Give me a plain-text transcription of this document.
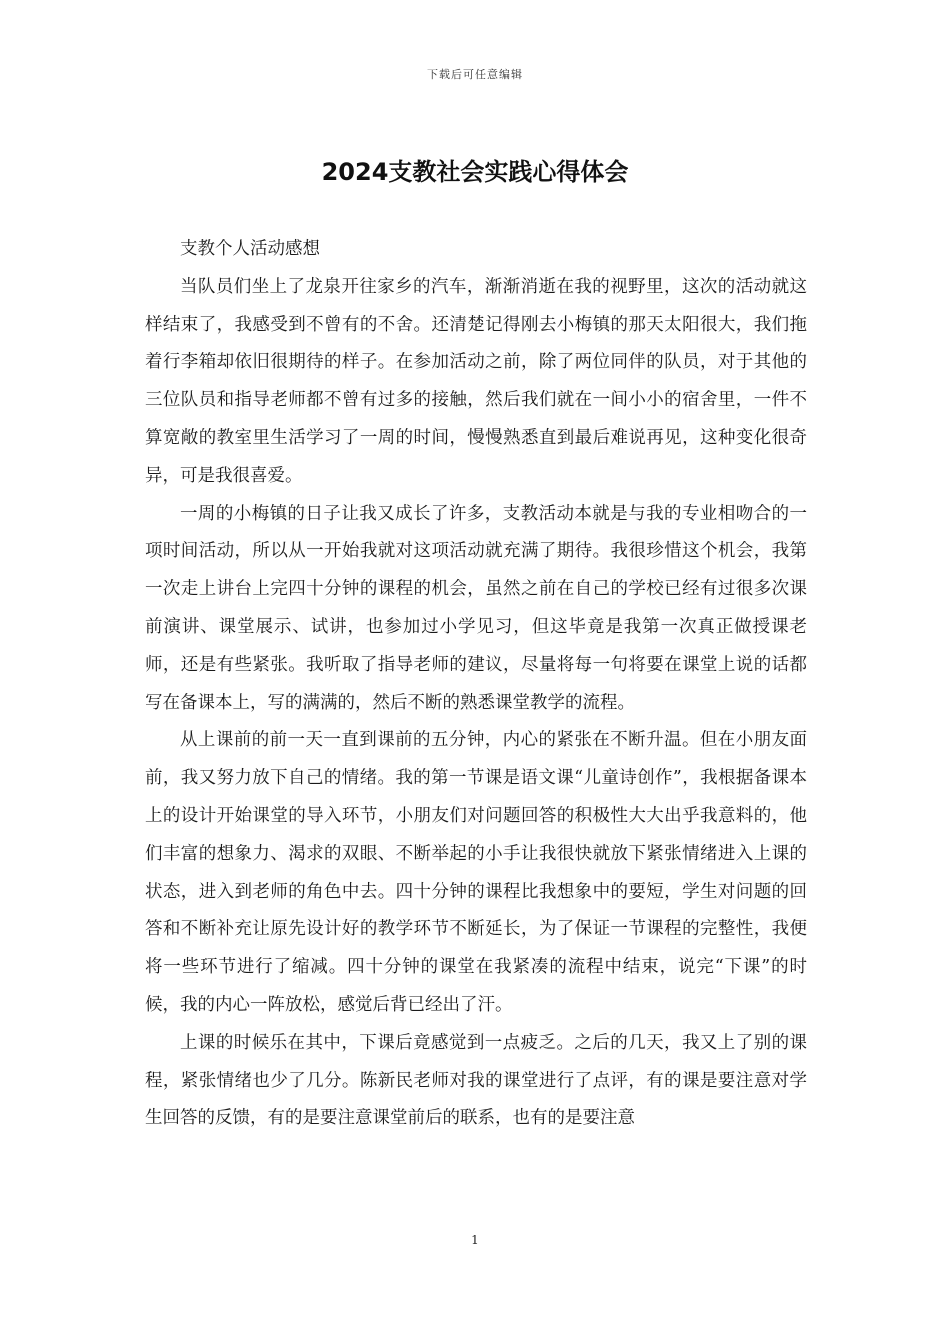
下载后可任意编辑
2024支教社会实践心得体会

支教个人活动感想

当队员们坐上了龙泉开往家乡的汽车，渐渐消逝在我的视野里，这次的活动就这样结束了，我感受到不曾有的不舍。还清楚记得刚去小梅镇的那天太阳很大，我们拖着行李箱却依旧很期待的样子。在参加活动之前，除了两位同伴的队员，对于其他的三位队员和指导老师都不曾有过多的接触，然后我们就在一间小小的宿舍里，一件不算宽敞的教室里生活学习了一周的时间，慢慢熟悉直到最后难说再见，这种变化很奇异，可是我很喜爱。

一周的小梅镇的日子让我又成长了许多，支教活动本就是与我的专业相吻合的一项时间活动，所以从一开始我就对这项活动就充满了期待。我很珍惜这个机会，我第一次走上讲台上完四十分钟的课程的机会，虽然之前在自己的学校已经有过很多次课前演讲、课堂展示、试讲，也参加过小学见习，但这毕竟是我第一次真正做授课老师，还是有些紧张。我听取了指导老师的建议，尽量将每一句将要在课堂上说的话都写在备课本上，写的满满的，然后不断的熟悉课堂教学的流程。

从上课前的前一天一直到课前的五分钟，内心的紧张在不断升温。但在小朋友面前，我又努力放下自己的情绪。我的第一节课是语文课“儿童诗创作”，我根据备课本上的设计开始课堂的导入环节，小朋友们对问题回答的积极性大大出乎我意料的，他们丰富的想象力、渴求的双眼、不断举起的小手让我很快就放下紧张情绪进入上课的状态，进入到老师的角色中去。四十分钟的课程比我想象中的要短，学生对问题的回答和不断补充让原先设计好的教学环节不断延长，为了保证一节课程的完整性，我便将一些环节进行了缩减。四十分钟的课堂在我紧凑的流程中结束，说完“下课”的时候，我的内心一阵放松，感觉后背已经出了汗。

上课的时候乐在其中，下课后竟感觉到一点疲乏。之后的几天，我又上了别的课程，紧张情绪也少了几分。陈新民老师对我的课堂进行了点评，有的课是要注意对学生回答的反馈，有的是要注意课堂前后的联系，也有的是要注意

1
